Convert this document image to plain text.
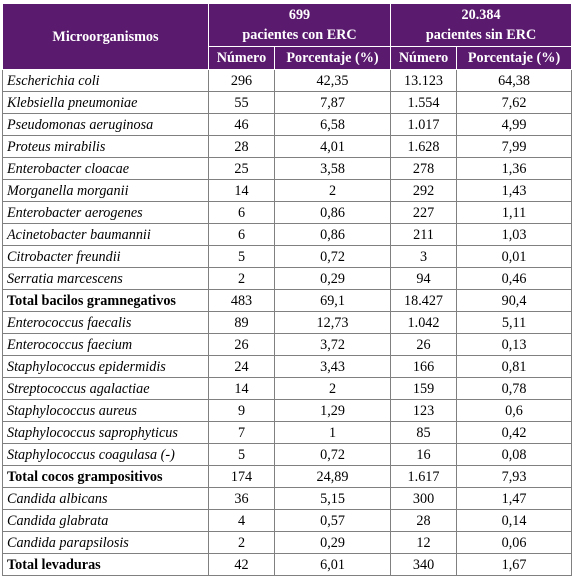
Microorganismos	699
pacientes con ERC		20.384
pacientes sin ERC	

	Número	Porcentaje (%)	Número	Porcentaje (%)
Escherichia coli	296	42,35	13.123	64,38
Klebsiella pneumoniae	55	7,87	1.554	7,62
Pseudomonas aeruginosa	46	6,58	1.017	4,99
Proteus mirabilis	28	4,01	1.628	7,99
Enterobacter cloacae	25	3,58	278	1,36
Morganella morganii	14	2	292	1,43
Enterobacter aerogenes	6	0,86	227	1,11
Acinetobacter baumannii	6	0,86	211	1,03
Citrobacter freundii	5	0,72	3	0,01
Serratia marcescens	2	0,29	94	0,46
Total bacilos gramnegativos	483	69,1	18.427	90,4
Enterococcus faecalis	89	12,73	1.042	5,11
Enterococcus faecium	26	3,72	26	0,13
Staphylococcus epidermidis	24	3,43	166	0,81
Streptococcus agalactiae	14	2	159	0,78
Staphylococcus aureus	9	1,29	123	0,6
Staphylococcus saprophyticus	7	1	85	0,42
Staphylococcus coagulasa (-)	5	0,72	16	0,08
Total cocos grampositivos	174	24,89	1.617	7,93
Candida albicans	36	5,15	300	1,47
Candida glabrata	4	0,57	28	0,14
Candida parapsilosis	2	0,29	12	0,06
Total levaduras	42	6,01	340	1,67
